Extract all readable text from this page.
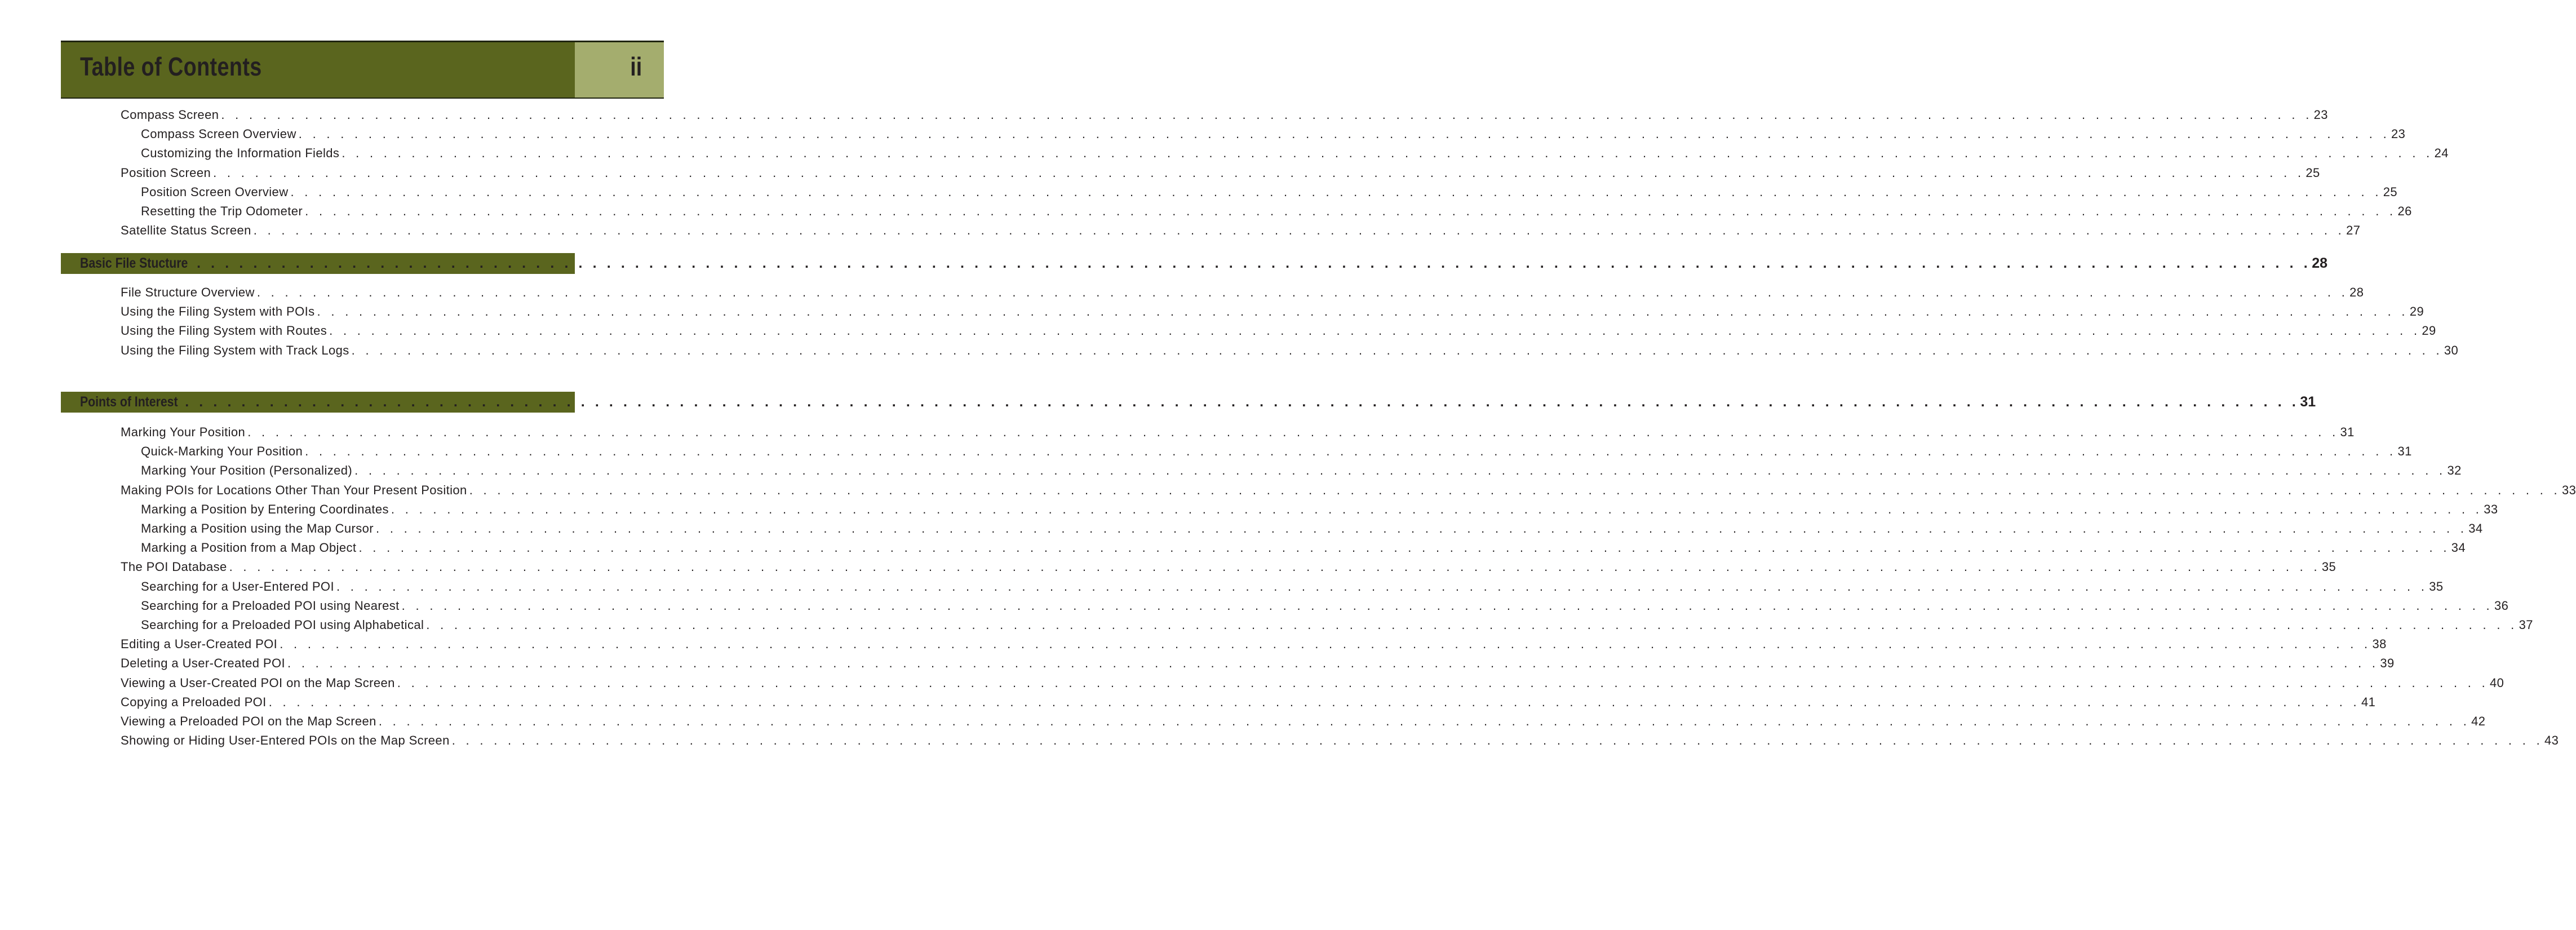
Table of Contents	ii
Compass Screen . . . . . . . . . . . . . . . . . . . . . . . . . . . . . . . . . . . . . . . . . . . . . . . . . . . . . . . . . . . . . . . . . . . . . . . . . . . . . . . . . . . . . . . . . . . . . . . . . . . . . . . . . . . . . . . . . . . . . . . . . . . . . . . . . . . . . . . . . . . . . . . . . . . . . . 23
Compass Screen Overview . . . . . . . . . . . . . . . . . . . . . . . . . . . . . . . . . . . . . . . . . . . . . . . . . . . . . . . . . . . . . . . . . . . . . . . . . . . . . . . . . . . . . . . . . . . . . . . . . . . . . . . . . . . . . . . . . . . . . . . . . . . . . . . . . . . . . . . . . . . . . . . . . . . . . . 23
Customizing the Information Fields . . . . . . . . . . . . . . . . . . . . . . . . . . . . . . . . . . . . . . . . . . . . . . . . . . . . . . . . . . . . . . . . . . . . . . . . . . . . . . . . . . . . . . . . . . . . . . . . . . . . . . . . . . . . . . . . . . . . . . . . . . . . . . . . . . . . . . . . . . . . . . . . . . . . . . 24
Position Screen . . . . . . . . . . . . . . . . . . . . . . . . . . . . . . . . . . . . . . . . . . . . . . . . . . . . . . . . . . . . . . . . . . . . . . . . . . . . . . . . . . . . . . . . . . . . . . . . . . . . . . . . . . . . . . . . . . . . . . . . . . . . . . . . . . . . . . . . . . . . . . . . . . . . . . 25
Position Screen Overview . . . . . . . . . . . . . . . . . . . . . . . . . . . . . . . . . . . . . . . . . . . . . . . . . . . . . . . . . . . . . . . . . . . . . . . . . . . . . . . . . . . . . . . . . . . . . . . . . . . . . . . . . . . . . . . . . . . . . . . . . . . . . . . . . . . . . . . . . . . . . . . . . . . . . . 25
Resetting the Trip Odometer . . . . . . . . . . . . . . . . . . . . . . . . . . . . . . . . . . . . . . . . . . . . . . . . . . . . . . . . . . . . . . . . . . . . . . . . . . . . . . . . . . . . . . . . . . . . . . . . . . . . . . . . . . . . . . . . . . . . . . . . . . . . . . . . . . . . . . . . . . . . . . . . . . . . . . 26
Satellite Status Screen . . . . . . . . . . . . . . . . . . . . . . . . . . . . . . . . . . . . . . . . . . . . . . . . . . . . . . . . . . . . . . . . . . . . . . . . . . . . . . . . . . . . . . . . . . . . . . . . . . . . . . . . . . . . . . . . . . . . . . . . . . . . . . . . . . . . . . . . . . . . . . . . . . . . . . 27
Basic File Stucture . . . . . . . . . . . . . . . . . . . . . . . . . . . . . . . . . . . . . . . . . . . . . . . . . . . . . . . . . . . . . . . . . . . . . . . . . . . . . . . . . . . . . . . . . . . . . . . . . . . . . . . . . . . . . . . . . . . . . . . . . . . . . . . . . . . . . . . . . . . . . . . . . . . . . . 28
File Structure Overview . . . . . . . . . . . . . . . . . . . . . . . . . . . . . . . . . . . . . . . . . . . . . . . . . . . . . . . . . . . . . . . . . . . . . . . . . . . . . . . . . . . . . . . . . . . . . . . . . . . . . . . . . . . . . . . . . . . . . . . . . . . . . . . . . . . . . . . . . . . . . . . . . . . . . . 28
Using the Filing System with POIs . . . . . . . . . . . . . . . . . . . . . . . . . . . . . . . . . . . . . . . . . . . . . . . . . . . . . . . . . . . . . . . . . . . . . . . . . . . . . . . . . . . . . . . . . . . . . . . . . . . . . . . . . . . . . . . . . . . . . . . . . . . . . . . . . . . . . . . . . . . . . . . . . . . . . . 29
Using the Filing System with Routes . . . . . . . . . . . . . . . . . . . . . . . . . . . . . . . . . . . . . . . . . . . . . . . . . . . . . . . . . . . . . . . . . . . . . . . . . . . . . . . . . . . . . . . . . . . . . . . . . . . . . . . . . . . . . . . . . . . . . . . . . . . . . . . . . . . . . . . . . . . . . . . . . . . . . . 29
Using the Filing System with Track Logs . . . . . . . . . . . . . . . . . . . . . . . . . . . . . . . . . . . . . . . . . . . . . . . . . . . . . . . . . . . . . . . . . . . . . . . . . . . . . . . . . . . . . . . . . . . . . . . . . . . . . . . . . . . . . . . . . . . . . . . . . . . . . . . . . . . . . . . . . . . . . . . . . . . . . . 30
Points of Interest . . . . . . . . . . . . . . . . . . . . . . . . . . . . . . . . . . . . . . . . . . . . . . . . . . . . . . . . . . . . . . . . . . . . . . . . . . . . . . . . . . . . . . . . . . . . . . . . . . . . . . . . . . . . . . . . . . . . . . . . . . . . . . . . . . . . . . . . . . . . . . . . . . . . . . 31
Marking Your Position . . . . . . . . . . . . . . . . . . . . . . . . . . . . . . . . . . . . . . . . . . . . . . . . . . . . . . . . . . . . . . . . . . . . . . . . . . . . . . . . . . . . . . . . . . . . . . . . . . . . . . . . . . . . . . . . . . . . . . . . . . . . . . . . . . . . . . . . . . . . . . . . . . . . . . 31
Quick-Marking Your Position . . . . . . . . . . . . . . . . . . . . . . . . . . . . . . . . . . . . . . . . . . . . . . . . . . . . . . . . . . . . . . . . . . . . . . . . . . . . . . . . . . . . . . . . . . . . . . . . . . . . . . . . . . . . . . . . . . . . . . . . . . . . . . . . . . . . . . . . . . . . . . . . . . . . . . 31
Marking Your Position (Personalized) . . . . . . . . . . . . . . . . . . . . . . . . . . . . . . . . . . . . . . . . . . . . . . . . . . . . . . . . . . . . . . . . . . . . . . . . . . . . . . . . . . . . . . . . . . . . . . . . . . . . . . . . . . . . . . . . . . . . . . . . . . . . . . . . . . . . . . . . . . . . . . . . . . . . . . 32
Making POIs for Locations Other Than Your Present Position . . . . . . . . . . . . . . . . . . . . . . . . . . . . . . . . . . . . . . . . . . . . . . . . . . . . . . . . . . . . . . . . . . . . . . . . . . . . . . . . . . . . . . . . . . . . . . . . . . . . . . . . . . . . . . . . . . . . . . . . . . . . . . . . . . . . . . . . . . . . . . . . . . . . . . 33
Marking a Position by Entering Coordinates . . . . . . . . . . . . . . . . . . . . . . . . . . . . . . . . . . . . . . . . . . . . . . . . . . . . . . . . . . . . . . . . . . . . . . . . . . . . . . . . . . . . . . . . . . . . . . . . . . . . . . . . . . . . . . . . . . . . . . . . . . . . . . . . . . . . . . . . . . . . . . . . . . . . . . 33
Marking a Position using the Map Cursor . . . . . . . . . . . . . . . . . . . . . . . . . . . . . . . . . . . . . . . . . . . . . . . . . . . . . . . . . . . . . . . . . . . . . . . . . . . . . . . . . . . . . . . . . . . . . . . . . . . . . . . . . . . . . . . . . . . . . . . . . . . . . . . . . . . . . . . . . . . . . . . . . . . . . . 34
Marking a Position from a Map Object . . . . . . . . . . . . . . . . . . . . . . . . . . . . . . . . . . . . . . . . . . . . . . . . . . . . . . . . . . . . . . . . . . . . . . . . . . . . . . . . . . . . . . . . . . . . . . . . . . . . . . . . . . . . . . . . . . . . . . . . . . . . . . . . . . . . . . . . . . . . . . . . . . . . . . 34
The POI Database . . . . . . . . . . . . . . . . . . . . . . . . . . . . . . . . . . . . . . . . . . . . . . . . . . . . . . . . . . . . . . . . . . . . . . . . . . . . . . . . . . . . . . . . . . . . . . . . . . . . . . . . . . . . . . . . . . . . . . . . . . . . . . . . . . . . . . . . . . . . . . . . . . . . . . 35
Searching for a User-Entered POI . . . . . . . . . . . . . . . . . . . . . . . . . . . . . . . . . . . . . . . . . . . . . . . . . . . . . . . . . . . . . . . . . . . . . . . . . . . . . . . . . . . . . . . . . . . . . . . . . . . . . . . . . . . . . . . . . . . . . . . . . . . . . . . . . . . . . . . . . . . . . . . . . . . . . . 35
Searching for a Preloaded POI using Nearest . . . . . . . . . . . . . . . . . . . . . . . . . . . . . . . . . . . . . . . . . . . . . . . . . . . . . . . . . . . . . . . . . . . . . . . . . . . . . . . . . . . . . . . . . . . . . . . . . . . . . . . . . . . . . . . . . . . . . . . . . . . . . . . . . . . . . . . . . . . . . . . . . . . . . . 36
Searching for a Preloaded POI using Alphabetical . . . . . . . . . . . . . . . . . . . . . . . . . . . . . . . . . . . . . . . . . . . . . . . . . . . . . . . . . . . . . . . . . . . . . . . . . . . . . . . . . . . . . . . . . . . . . . . . . . . . . . . . . . . . . . . . . . . . . . . . . . . . . . . . . . . . . . . . . . . . . . . . . . . . . . 37
Editing a User-Created POI . . . . . . . . . . . . . . . . . . . . . . . . . . . . . . . . . . . . . . . . . . . . . . . . . . . . . . . . . . . . . . . . . . . . . . . . . . . . . . . . . . . . . . . . . . . . . . . . . . . . . . . . . . . . . . . . . . . . . . . . . . . . . . . . . . . . . . . . . . . . . . . . . . . . . . 38
Deleting a User-Created POI . . . . . . . . . . . . . . . . . . . . . . . . . . . . . . . . . . . . . . . . . . . . . . . . . . . . . . . . . . . . . . . . . . . . . . . . . . . . . . . . . . . . . . . . . . . . . . . . . . . . . . . . . . . . . . . . . . . . . . . . . . . . . . . . . . . . . . . . . . . . . . . . . . . . . . 39
Viewing a User-Created POI on the Map Screen . . . . . . . . . . . . . . . . . . . . . . . . . . . . . . . . . . . . . . . . . . . . . . . . . . . . . . . . . . . . . . . . . . . . . . . . . . . . . . . . . . . . . . . . . . . . . . . . . . . . . . . . . . . . . . . . . . . . . . . . . . . . . . . . . . . . . . . . . . . . . . . . . . . . . . 40
Copying a Preloaded POI . . . . . . . . . . . . . . . . . . . . . . . . . . . . . . . . . . . . . . . . . . . . . . . . . . . . . . . . . . . . . . . . . . . . . . . . . . . . . . . . . . . . . . . . . . . . . . . . . . . . . . . . . . . . . . . . . . . . . . . . . . . . . . . . . . . . . . . . . . . . . . . . . . . . . . 41
Viewing a Preloaded POI on the Map Screen . . . . . . . . . . . . . . . . . . . . . . . . . . . . . . . . . . . . . . . . . . . . . . . . . . . . . . . . . . . . . . . . . . . . . . . . . . . . . . . . . . . . . . . . . . . . . . . . . . . . . . . . . . . . . . . . . . . . . . . . . . . . . . . . . . . . . . . . . . . . . . . . . . . . . . 42
Showing or Hiding User-Entered POIs on the Map Screen . . . . . . . . . . . . . . . . . . . . . . . . . . . . . . . . . . . . . . . . . . . . . . . . . . . . . . . . . . . . . . . . . . . . . . . . . . . . . . . . . . . . . . . . . . . . . . . . . . . . . . . . . . . . . . . . . . . . . . . . . . . . . . . . . . . . . . . . . . . . . . . . . . . . . . 43
